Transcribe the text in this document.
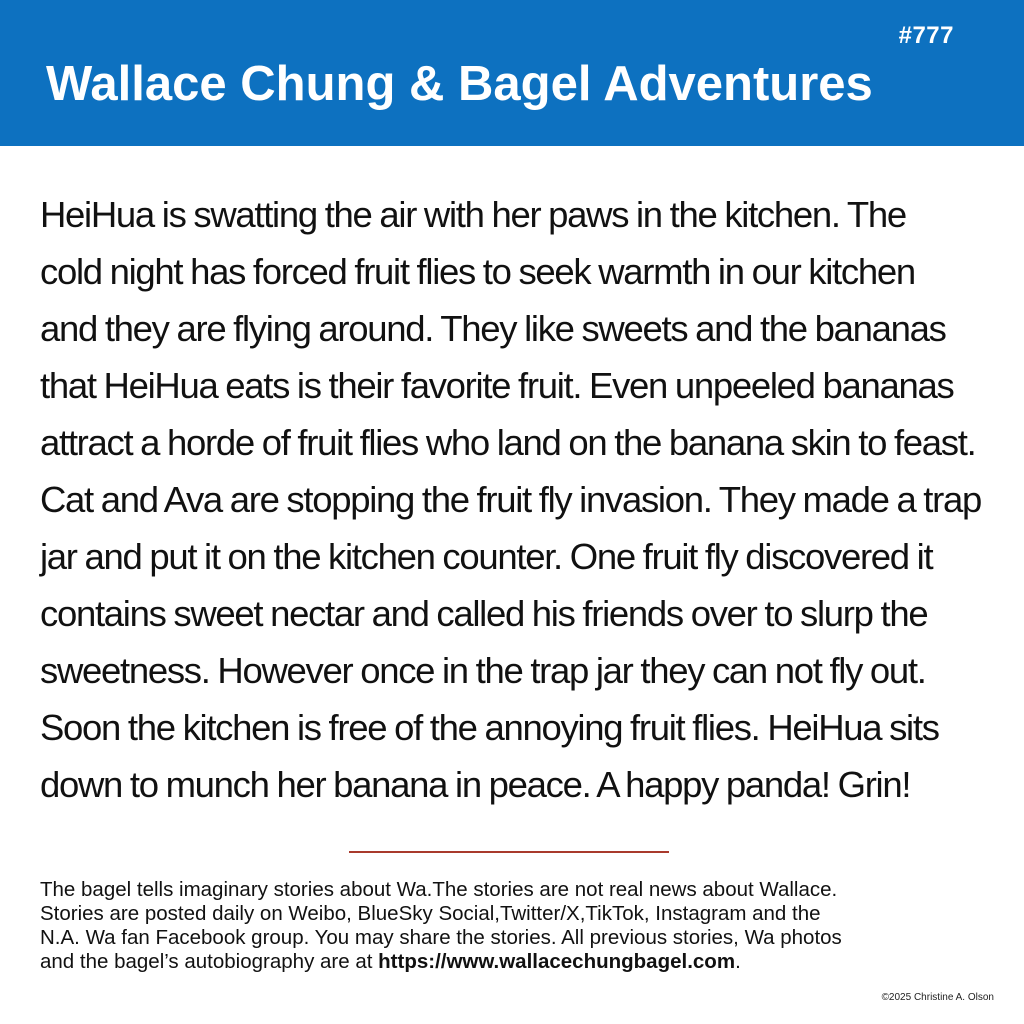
#777
Wallace Chung & Bagel Adventures
HeiHua is swatting the air with her paws in the kitchen. The
cold night has forced fruit flies to seek warmth in our kitchen
and they are flying around. They like sweets and the bananas
that HeiHua eats is their favorite fruit. Even unpeeled bananas
attract a horde of fruit flies who land on the banana skin to feast.
Cat and Ava are stopping the fruit fly invasion. They made a trap
jar and put it on the kitchen counter. One fruit fly discovered it
contains sweet nectar and called his friends over to slurp the
sweetness. However once in the trap jar they can not fly out.
Soon the kitchen is free of the annoying fruit flies. HeiHua sits
down to munch her banana in peace. A happy panda! Grin!
The bagel tells imaginary stories about Wa.The stories are not real news about Wallace.
Stories are posted daily on Weibo, BlueSky Social,Twitter/X,TikTok, Instagram and the
N.A. Wa fan Facebook group. You may share the stories. All previous stories, Wa photos
and the bagel’s autobiography are at https://www.wallacechungbagel.com.
©2025 Christine A. Olson
